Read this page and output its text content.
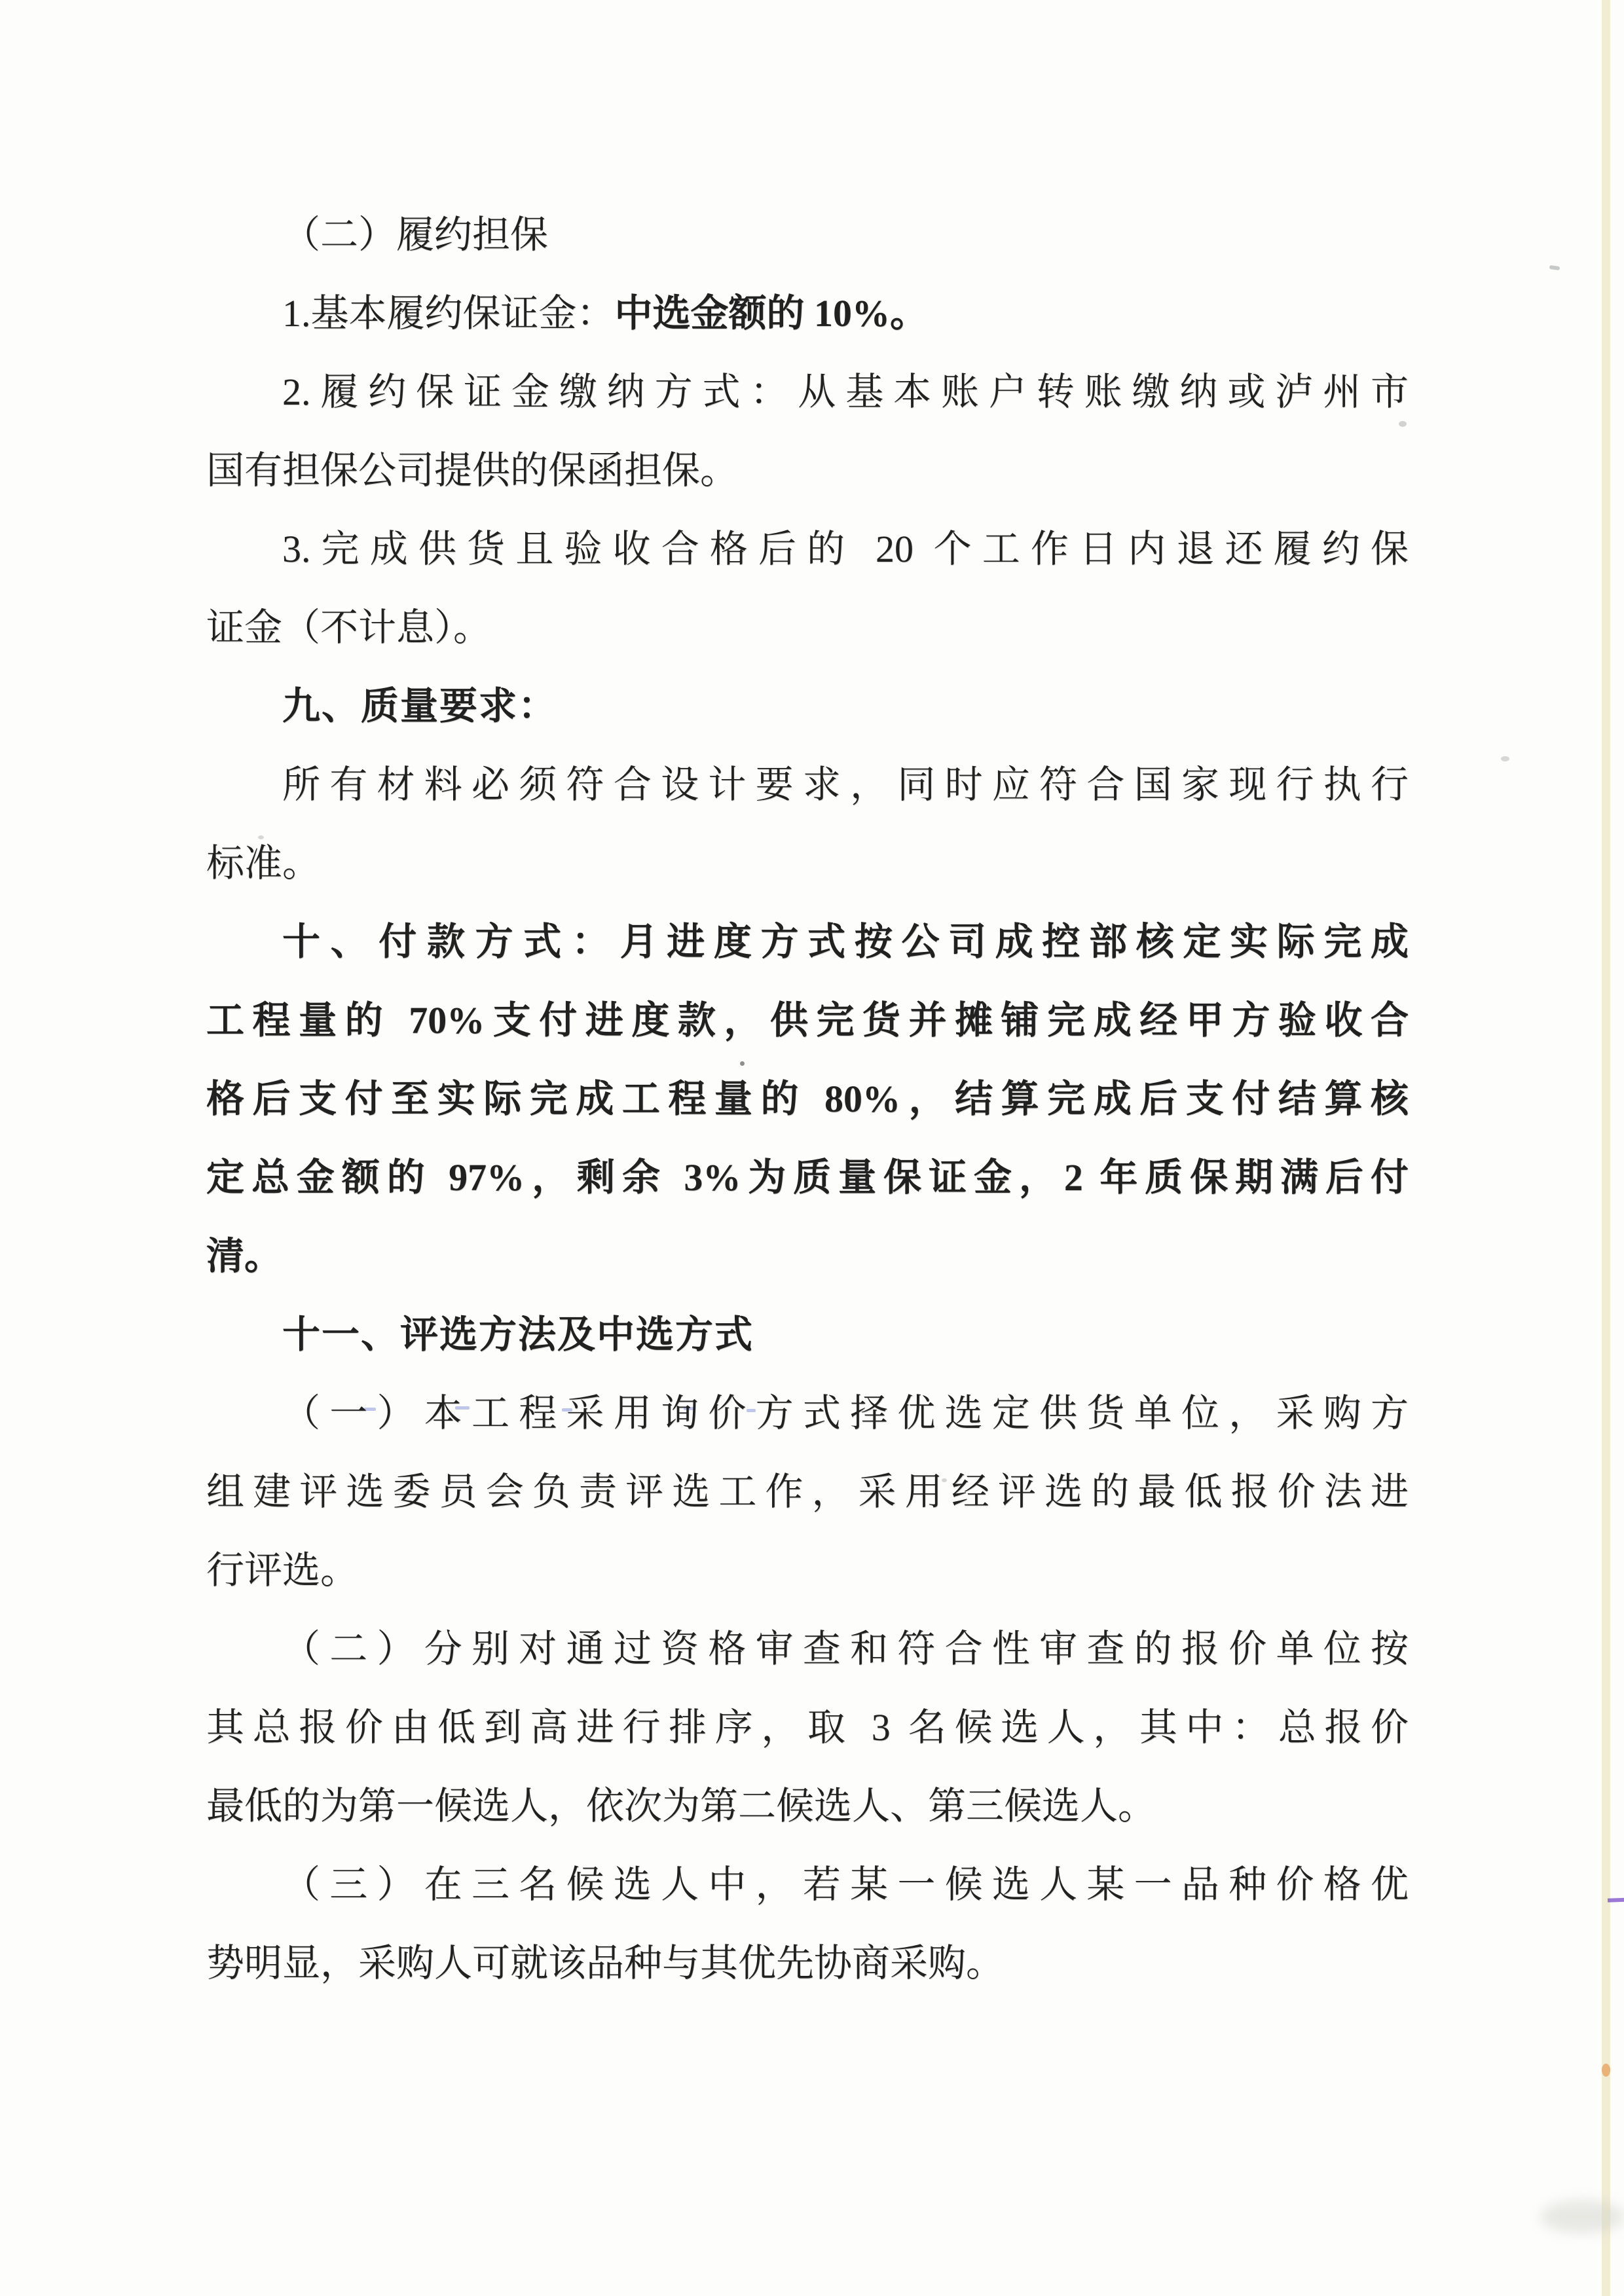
（二）履约担保
1.基本履约保证金：中选金额的 10%。
2.履约保证金缴纳方式：从基本账户转账缴纳或泸州市
国有担保公司提供的保函担保。
3.完成供货且验收合格后的 20 个工作日内退还履约保
证金（不计息）。
九、质量要求：
所有材料必须符合设计要求，同时应符合国家现行执行
标准。
十、付款方式：月进度方式按公司成控部核定实际完成
工程量的 70%支付进度款，供完货并摊铺完成经甲方验收合
格后支付至实际完成工程量的 80%，结算完成后支付结算核
定总金额的 97%，剩余 3%为质量保证金，2 年质保期满后付
清。
十一、评选方法及中选方式
（一）本工程采用询价方式择优选定供货单位，采购方
组建评选委员会负责评选工作，采用经评选的最低报价法进
行评选。
（二）分别对通过资格审查和符合性审查的报价单位按
其总报价由低到高进行排序，取 3 名候选人，其中：总报价
最低的为第一候选人，依次为第二候选人、第三候选人。
（三）在三名候选人中，若某一候选人某一品种价格优
势明显，采购人可就该品种与其优先协商采购。
